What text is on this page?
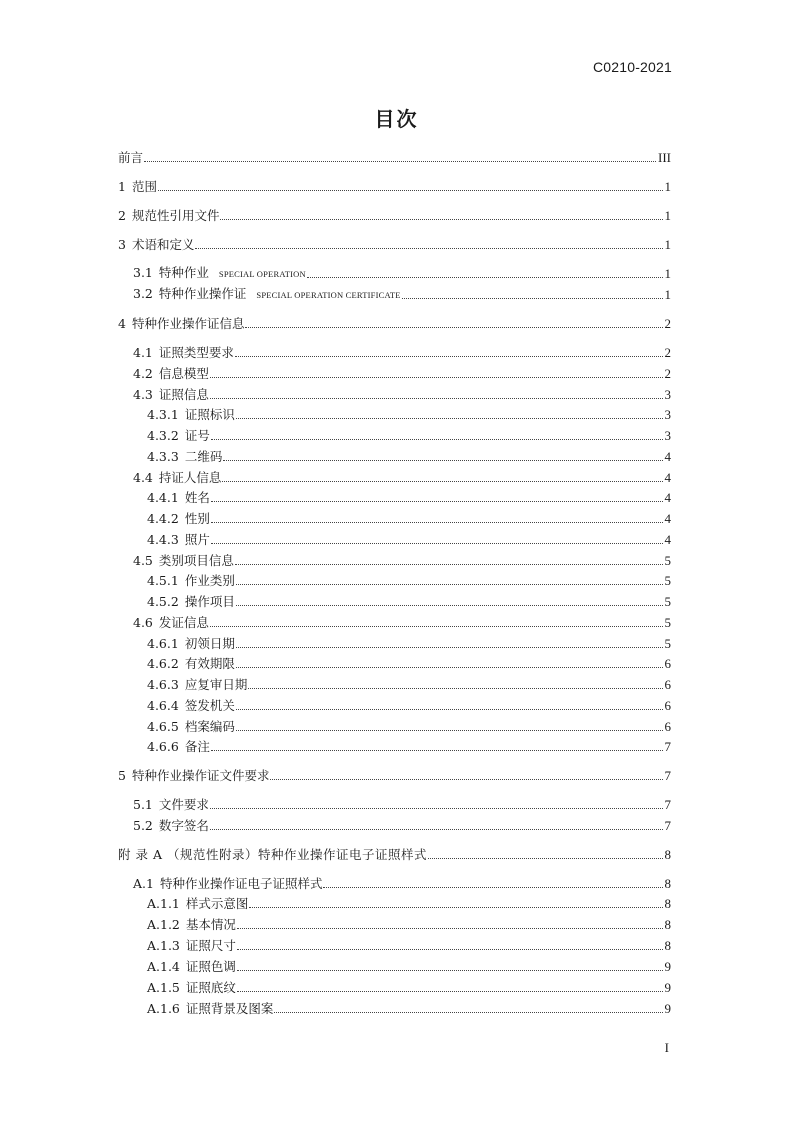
C0210-2021
目次
前言	III
1 范围	1
2 规范性引用文件	1
3 术语和定义	1
3.1 特种作业 SPECIAL OPERATION	1
3.2 特种作业操作证 SPECIAL OPERATION CERTIFICATE	1
4 特种作业操作证信息	2
4.1 证照类型要求	2
4.2 信息模型	2
4.3 证照信息	3
4.3.1 证照标识	3
4.3.2 证号	3
4.3.3 二维码	4
4.4 持证人信息	4
4.4.1 姓名	4
4.4.2 性别	4
4.4.3 照片	4
4.5 类别项目信息	5
4.5.1 作业类别	5
4.5.2 操作项目	5
4.6 发证信息	5
4.6.1 初领日期	5
4.6.2 有效期限	6
4.6.3 应复审日期	6
4.6.4 签发机关	6
4.6.5 档案编码	6
4.6.6 备注	7
5 特种作业操作证文件要求	7
5.1 文件要求	7
5.2 数字签名	7
附 录 A （规范性附录）特种作业操作证电子证照样式	8
A.1 特种作业操作证电子证照样式	8
A.1.1 样式示意图	8
A.1.2 基本情况	8
A.1.3 证照尺寸	8
A.1.4 证照色调	9
A.1.5 证照底纹	9
A.1.6 证照背景及图案	9
I
